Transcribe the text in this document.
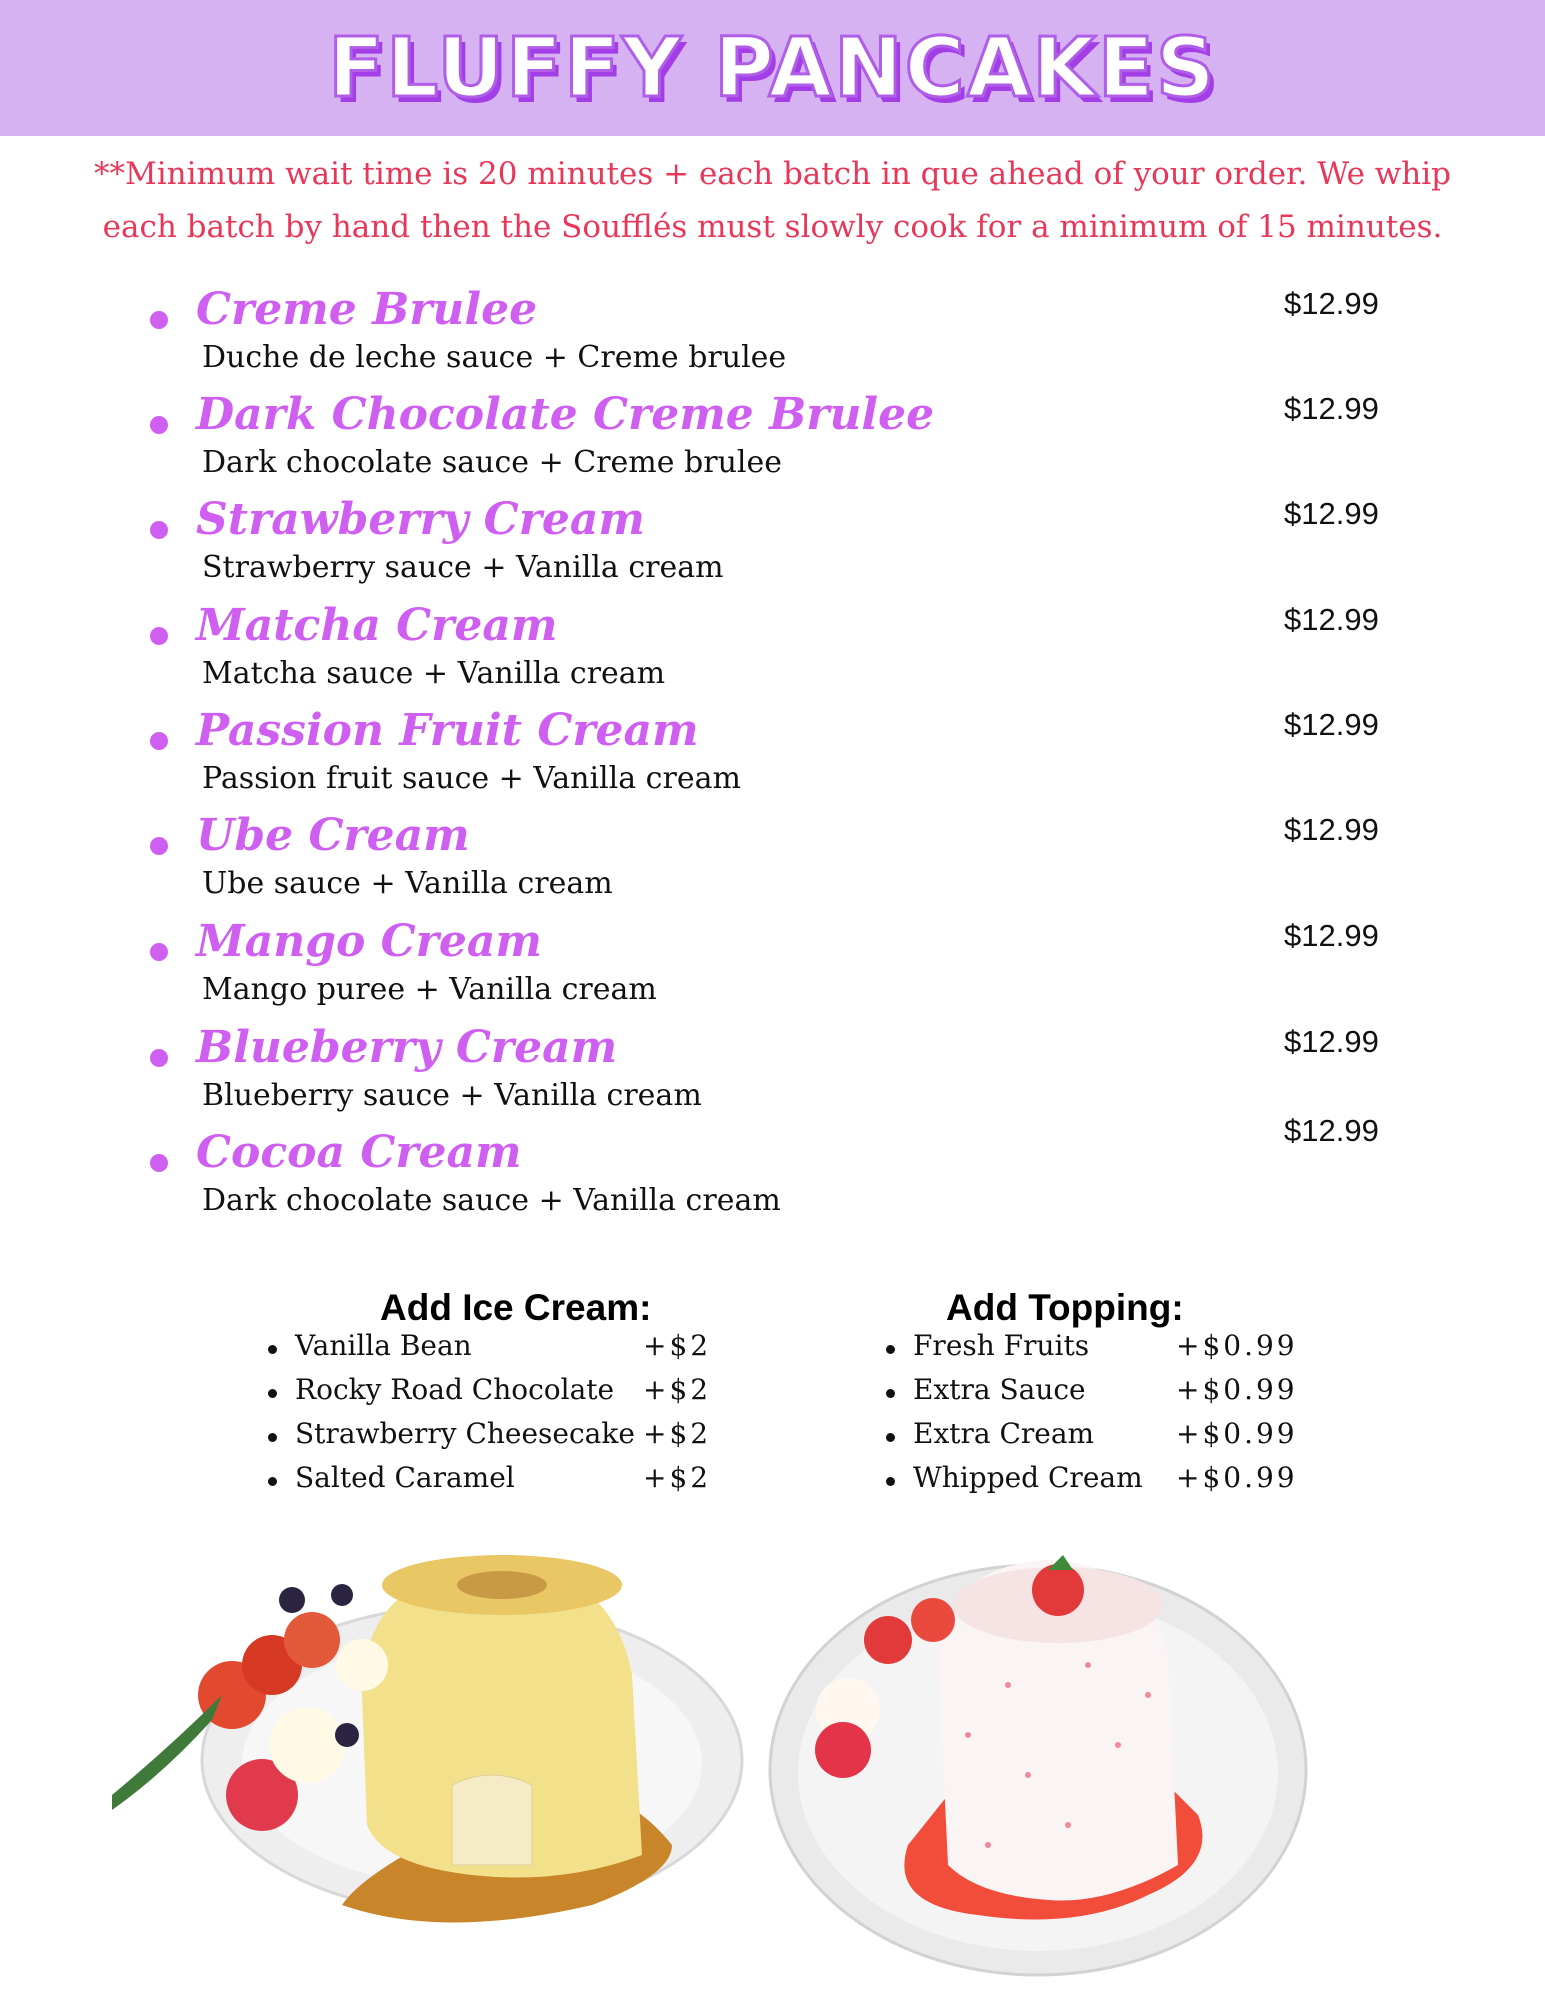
FLUFFY PANCAKES
**Minimum wait time is 20 minutes + each batch in que ahead of your order. We whip
each batch by hand then the Soufflés must slowly cook for a minimum of 15 minutes.
Creme Brulee
Duche de leche sauce + Creme brulee
$12.99
Dark Chocolate Creme Brulee
Dark chocolate sauce + Creme brulee
$12.99
Strawberry Cream
Strawberry sauce + Vanilla cream
$12.99
Matcha Cream
Matcha sauce + Vanilla cream
$12.99
Passion Fruit Cream
Passion fruit sauce + Vanilla cream
$12.99
Ube Cream
Ube sauce + Vanilla cream
$12.99
Mango Cream
Mango puree + Vanilla cream
$12.99
Blueberry Cream
Blueberry sauce + Vanilla cream
$12.99
Cocoa Cream
Dark chocolate sauce + Vanilla cream
$12.99
Add Ice Cream:
Vanilla Bean	+$2
Rocky Road Chocolate +$2
Strawberry Cheesecake +$2
Salted Caramel	+$2
Add Topping:
Fresh Fruits	+$0.99
Extra Sauce	+$0.99
Extra Cream	+$0.99
Whipped Cream +$0.99
